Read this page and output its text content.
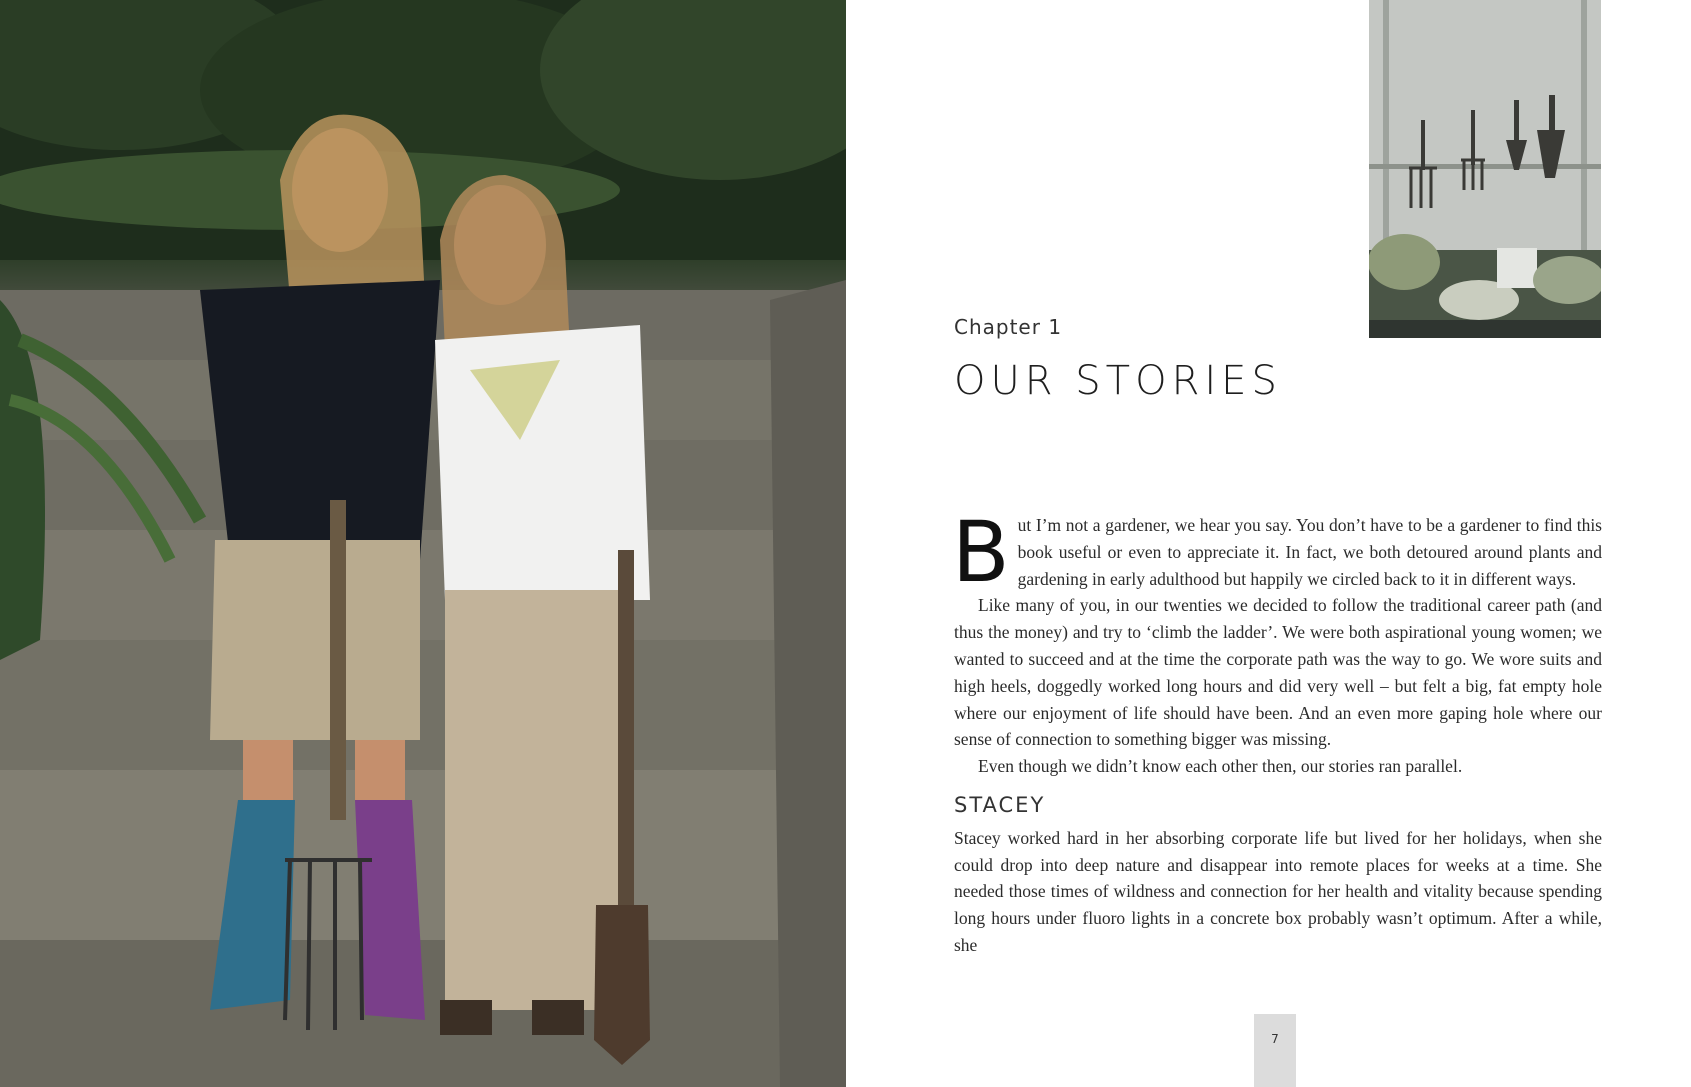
Chapter 1
OUR STORIES

But I’m not a gardener, we hear you say. You don’t have to be a gardener to find this book useful or even to appreciate it. In fact, we both detoured around plants and gardening in early adulthood but happily we circled back to it in different ways.

Like many of you, in our twenties we decided to follow the traditional career path (and thus the money) and try to ‘climb the ladder’. We were both aspirational young women; we wanted to succeed and at the time the corporate path was the way to go. We wore suits and high heels, doggedly worked long hours and did very well – but felt a big, fat empty hole where our enjoyment of life should have been. And an even more gaping hole where our sense of connection to something bigger was missing.

Even though we didn’t know each other then, our stories ran parallel.

STACEY

Stacey worked hard in her absorbing corporate life but lived for her holidays, when she could drop into deep nature and disappear into remote places for weeks at a time. She needed those times of wildness and connection for her health and vitality because spending long hours under fluoro lights in a concrete box probably wasn’t optimum. After a while, she

7
